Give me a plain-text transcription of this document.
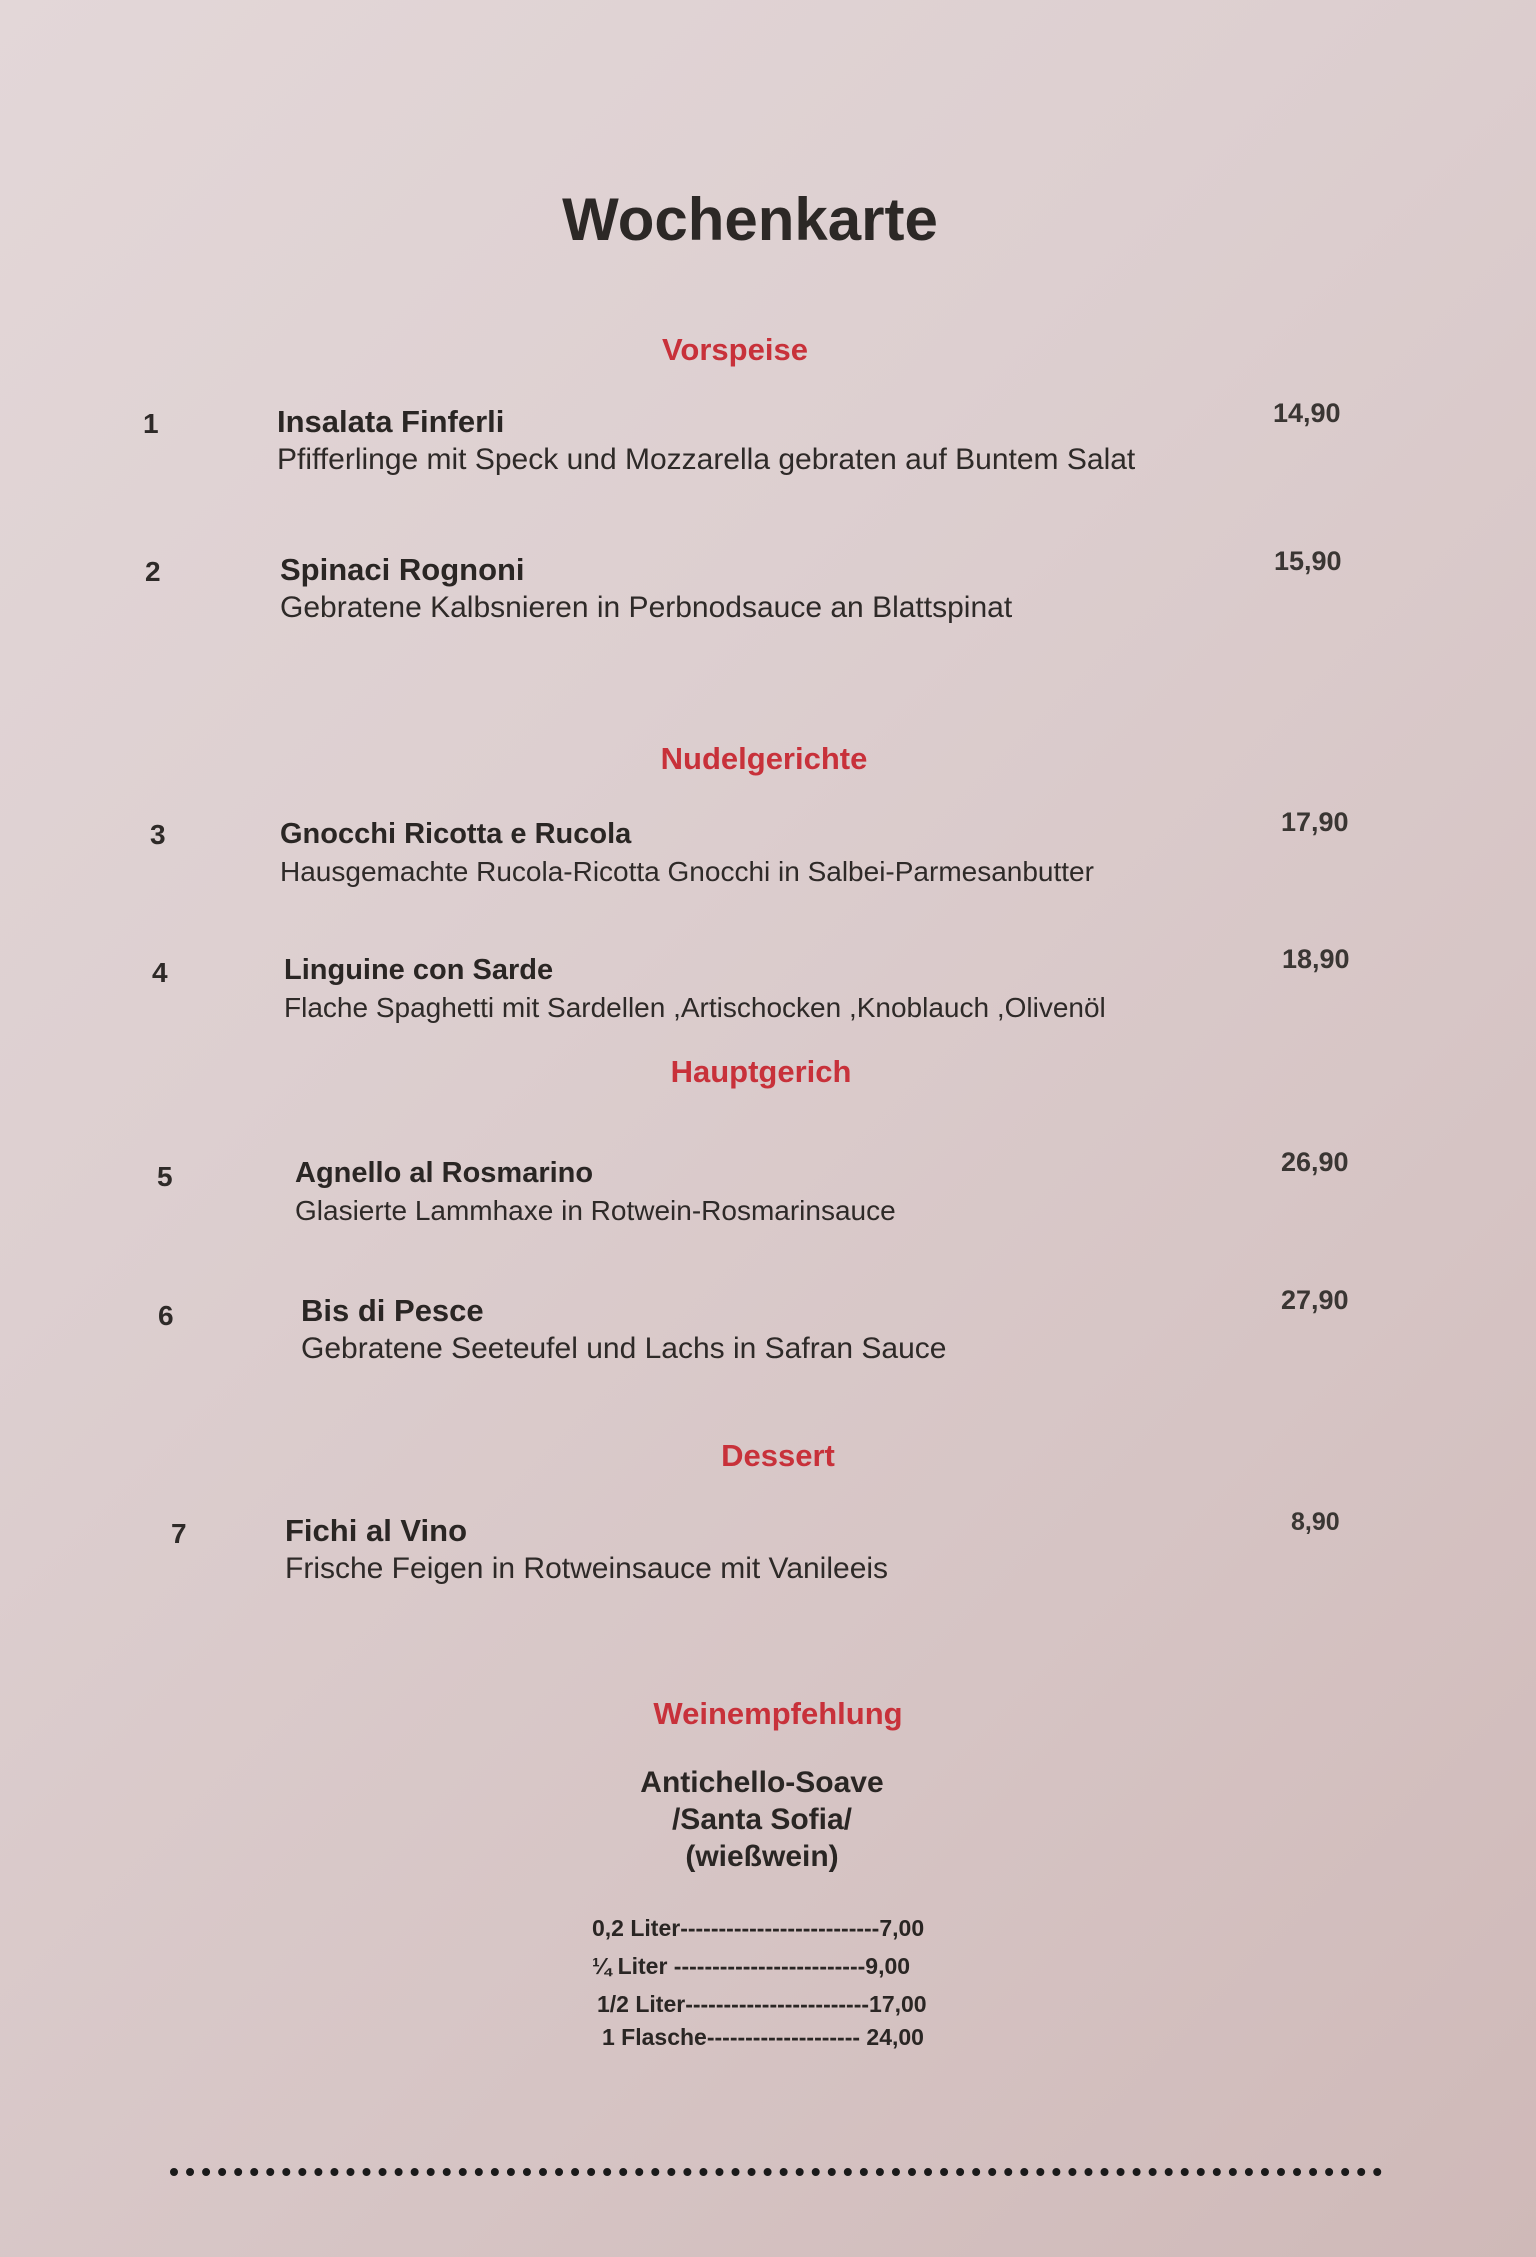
Wochenkarte
Vorspeise
Nudelgerichte
Hauptgerich
Dessert
Weinempfehlung
1	Insalata Finferli
Pfifferlinge mit Speck und Mozzarella gebraten auf Buntem Salat
14,90
2	Spinaci Rognoni
Gebratene Kalbsnieren in Perbnodsauce an Blattspinat
15,90
3	Gnocchi Ricotta e Rucola
Hausgemachte Rucola-Ricotta Gnocchi in Salbei-Parmesanbutter
17,90
4	Linguine con Sarde
Flache Spaghetti mit Sardellen ,Artischocken ,Knoblauch ,Olivenöl
18,90
5	Agnello al Rosmarino
Glasierte Lammhaxe in Rotwein-Rosmarinsauce
26,90
6	Bis di Pesce
Gebratene Seeteufel und Lachs in Safran Sauce
27,90
7	Fichi al Vino
Frische Feigen in Rotweinsauce mit Vanileeis
8,90
Antichello-Soave
/Santa Sofia/
(wießwein)
0,2 Liter--------------------------7,00
¼ Liter -------------------------9,00
1/2 Liter------------------------17,00
1 Flasche-------------------- 24,00
